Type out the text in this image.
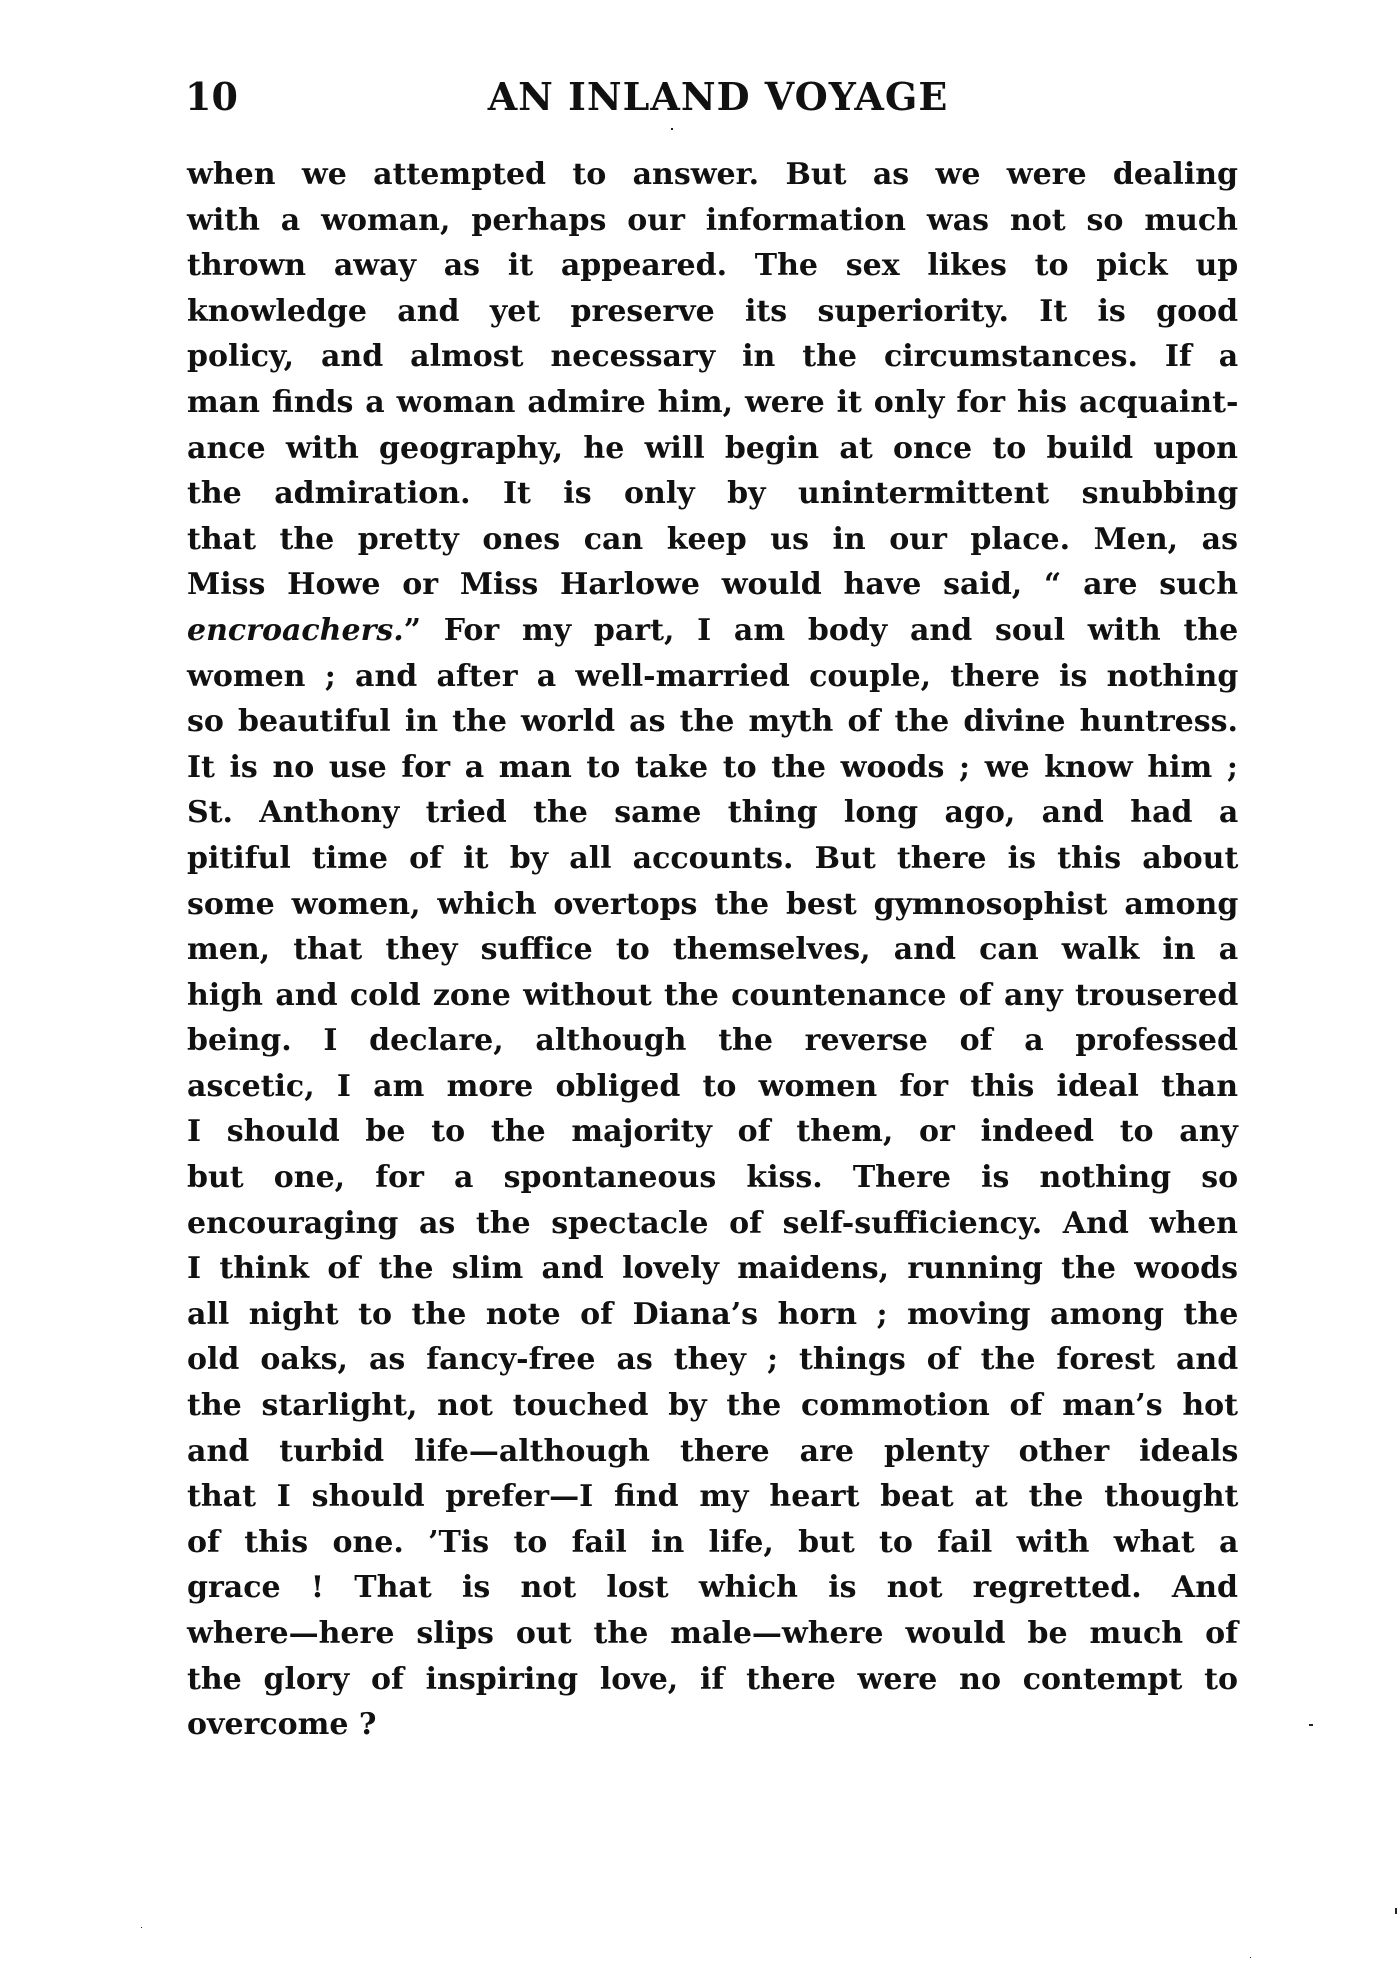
10	AN INLAND VOYAGE
when we attempted to answer. But as we were dealing
with a woman, perhaps our information was not so much
thrown away as it appeared. The sex likes to pick up
knowledge and yet preserve its superiority. It is good
policy, and almost necessary in the circumstances. If a
man finds a woman admire him, were it only for his acquaint-
ance with geography, he will begin at once to build upon
the admiration. It is only by unintermittent snubbing
that the pretty ones can keep us in our place. Men, as
Miss Howe or Miss Harlowe would have said, “ are such
encroachers.” For my part, I am body and soul with the
women ; and after a well-married couple, there is nothing
so beautiful in the world as the myth of the divine huntress.
It is no use for a man to take to the woods ; we know him ;
St. Anthony tried the same thing long ago, and had a
pitiful time of it by all accounts. But there is this about
some women, which overtops the best gymnosophist among
men, that they suffice to themselves, and can walk in a
high and cold zone without the countenance of any trousered
being. I declare, although the reverse of a professed
ascetic, I am more obliged to women for this ideal than
I should be to the majority of them, or indeed to any
but one, for a spontaneous kiss. There is nothing so
encouraging as the spectacle of self-sufficiency. And when
I think of the slim and lovely maidens, running the woods
all night to the note of Diana’s horn ; moving among the
old oaks, as fancy-free as they ; things of the forest and
the starlight, not touched by the commotion of man’s hot
and turbid life—although there are plenty other ideals
that I should prefer—I find my heart beat at the thought
of this one. ’Tis to fail in life, but to fail with what a
grace ! That is not lost which is not regretted. And
where—here slips out the male—where would be much of
the glory of inspiring love, if there were no contempt to
overcome ?
